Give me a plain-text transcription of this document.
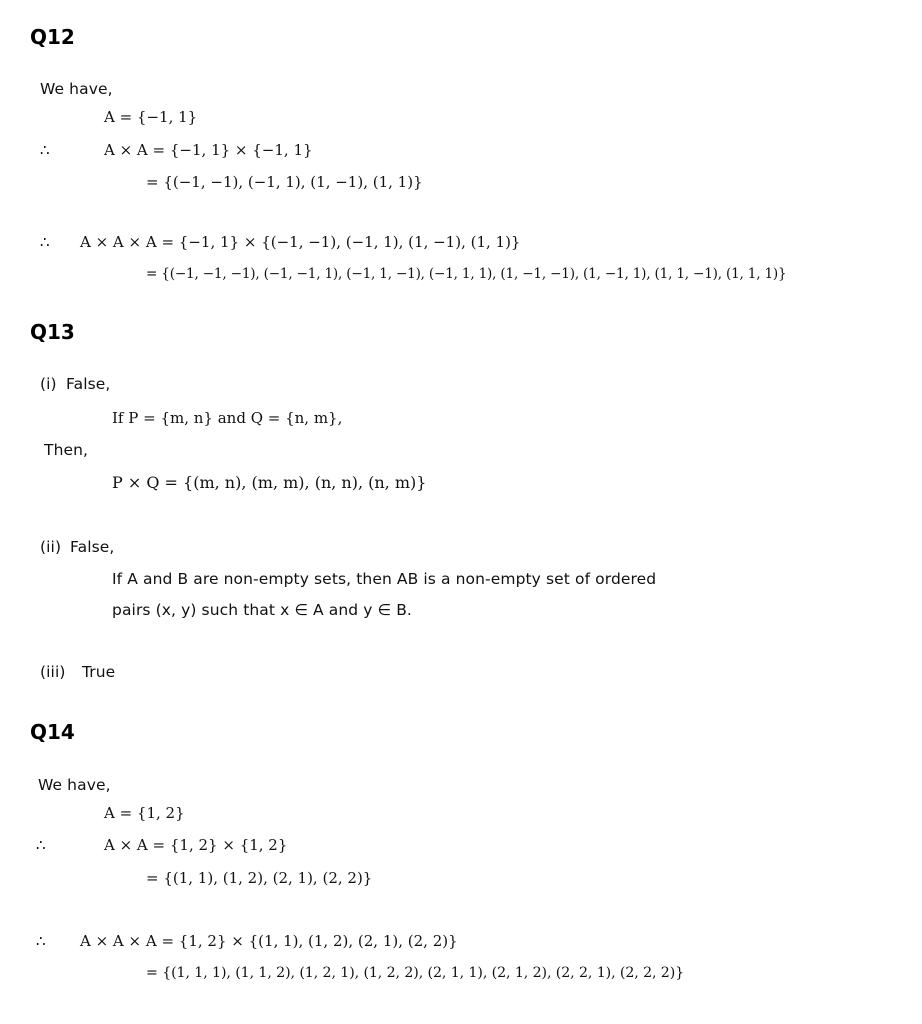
Q12
We have,
A = {−1, 1}
∴	A × A = {−1, 1} × {−1, 1}
= {(−1, −1), (−1, 1), (1, −1), (1, 1)}
∴ A × A × A = {−1, 1} × {(−1, −1), (−1, 1), (1, −1), (1, 1)}
= {(−1, −1, −1), (−1, −1, 1), (−1, 1, −1), (−1, 1, 1), (1, −1, −1), (1, −1, 1), (1, 1, −1), (1, 1, 1)}
Q13
(i) False,
If P = {m, n} and Q = {n, m},
Then,
P × Q = {(m, n), (m, m), (n, n), (n, m)}
(ii) False,
If A and B are non-empty sets, then AB is a non-empty set of ordered
pairs (x, y) such that x ∈ A and y ∈ B.
(iii) True
Q14
We have,
A = {1, 2}
∴	A × A = {1, 2} × {1, 2}
= {(1, 1), (1, 2), (2, 1), (2, 2)}
∴ A × A × A = {1, 2} × {(1, 1), (1, 2), (2, 1), (2, 2)}
= {(1, 1, 1), (1, 1, 2), (1, 2, 1), (1, 2, 2), (2, 1, 1), (2, 1, 2), (2, 2, 1), (2, 2, 2)}
